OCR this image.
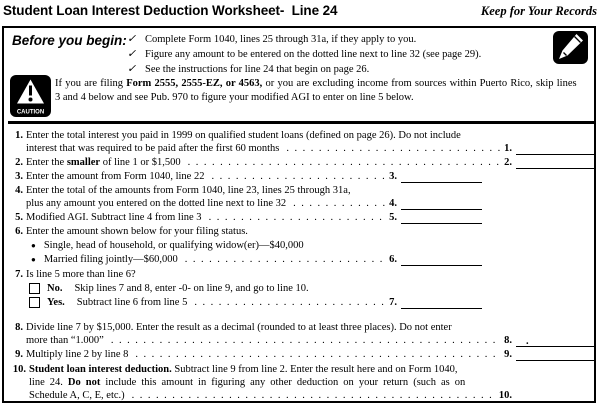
Student Loan Interest Deduction Worksheet-  Line 24	Keep for Your Records
Before you begin: ✓ Complete Form 1040, lines 25 through 31a, if they apply to you.
✓ Figure any amount to be entered on the dotted line next to line 32 (see page 29).
✓ See the instructions for line 24 that begin on page 26.
CAUTION
If you are filing Form 2555, 2555-EZ, or 4563, or you are excluding income from sources within Puerto Rico, skip lines
3 and 4 below and see Pub. 970 to figure your modified AGI to enter on line 5 below.
1. Enter the total interest you paid in 1999 on qualified student loans (defined on page 26). Do not include
interest that was required to be paid after the first 60 months .....	1.
2. Enter the smaller of line 1 or $1,500 .....	2.
3. Enter the amount from Form 1040, line 22 .....	3.
4. Enter the total of the amounts from Form 1040, line 23, lines 25 through 31a,
plus any amount you entered on the dotted line next to line 32 .....	4.
5. Modified AGI. Subtract line 4 from line 3 .....	5.
6. Enter the amount shown below for your filing status.
● Single, head of household, or qualifying widow(er)—$40,000
● Married filing jointly—$60,000 .....	6.
7. Is line 5 more than line 6?
No. Skip lines 7 and 8, enter -0- on line 9, and go to line 10.
Yes. Subtract line 6 from line 5 .....	7.
8. Divide line 7 by $15,000. Enter the result as a decimal (rounded to at least three places). Do not enter
more than “1.000” .....	8.	.
9. Multiply line 2 by line 8 .....	9.
10. Student loan interest deduction. Subtract line 9 from line 2. Enter the result here and on Form 1040,
line 24. Do not include this amount in figuring any other deduction on your return (such as on
Schedule A, C, E, etc.) .....	10.
